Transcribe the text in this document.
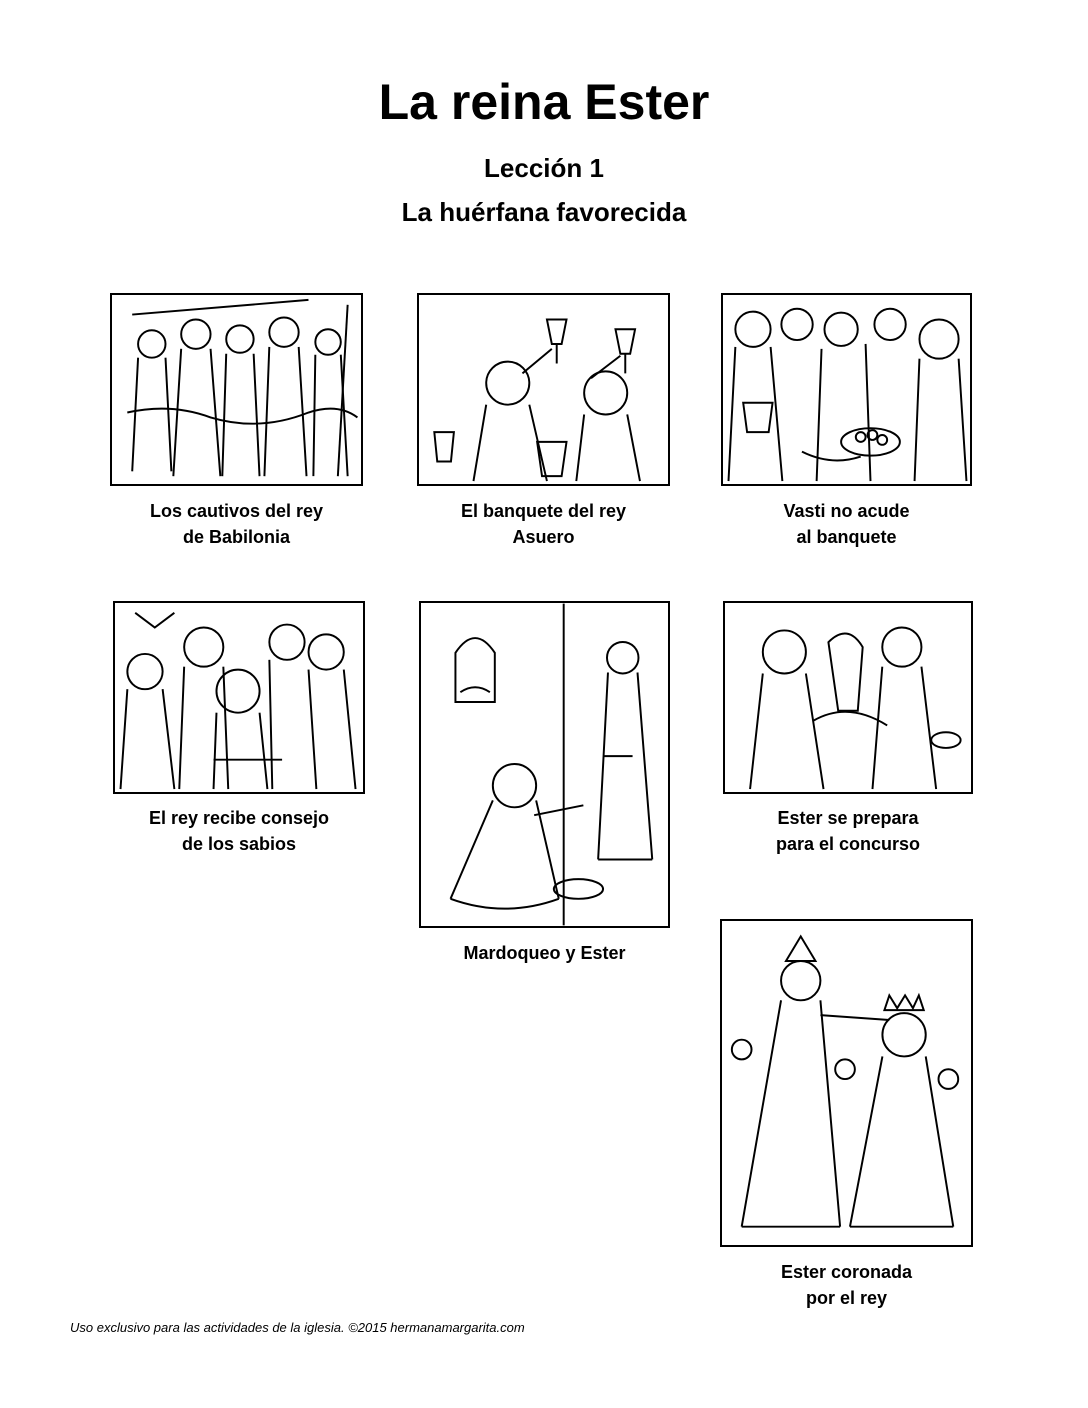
La reina Ester
Lección 1
La huérfana favorecida
Los cautivos del rey
de Babilonia
El banquete del rey
Asuero
Vasti no acude
al banquete
El rey recibe consejo
de los sabios
Mardoqueo y Ester
Ester se prepara
para el concurso
Ester coronada
por el rey
Uso exclusivo para las actividades de la iglesia. ©2015 hermanamargarita.com
